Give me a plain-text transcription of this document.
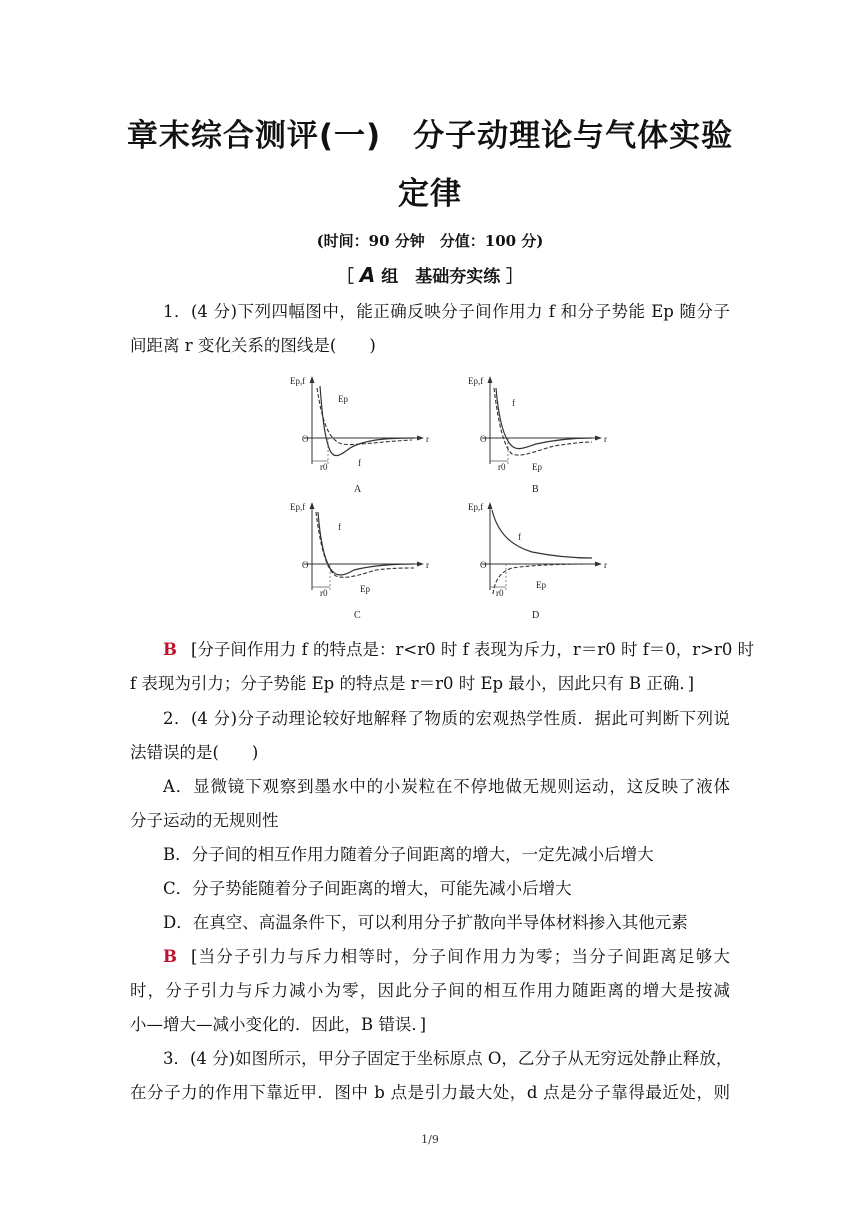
章末综合测评(一)　分子动理论与气体实验
定律
(时间：90 分钟　分值：100 分)
［ A 组　基础夯实练 ］
1．(4 分)下列四幅图中，能正确反映分子间作用力 f 和分子势能 Ep 随分子
间距离 r 变化关系的图线是(　　)
Ep,f
Ep
f
O
r0
r
A
Ep,f
f
Ep
O
r0
r
B
Ep,f
f
Ep
O
r0
r
C
Ep,f
f
Ep
O
r0
r
D
B [分子间作用力 f 的特点是：r<r0 时 f 表现为斥力，r＝r0 时 f＝0，r>r0 时
f 表现为引力；分子势能 Ep 的特点是 r＝r0 时 Ep 最小，因此只有 B 正确．]
2．(4 分)分子动理论较好地解释了物质的宏观热学性质．据此可判断下列说
法错误的是(　　)
A．显微镜下观察到墨水中的小炭粒在不停地做无规则运动，这反映了液体
分子运动的无规则性
B．分子间的相互作用力随着分子间距离的增大，一定先减小后增大
C．分子势能随着分子间距离的增大，可能先减小后增大
D．在真空、高温条件下，可以利用分子扩散向半导体材料掺入其他元素
B [当分子引力与斥力相等时，分子间作用力为零；当分子间距离足够大
时，分子引力与斥力减小为零，因此分子间的相互作用力随距离的增大是按减
小—增大—减小变化的．因此，B 错误．]
3．(4 分)如图所示，甲分子固定于坐标原点 O，乙分子从无穷远处静止释放，
在分子力的作用下靠近甲．图中 b 点是引力最大处，d 点是分子靠得最近处，则
1/9
